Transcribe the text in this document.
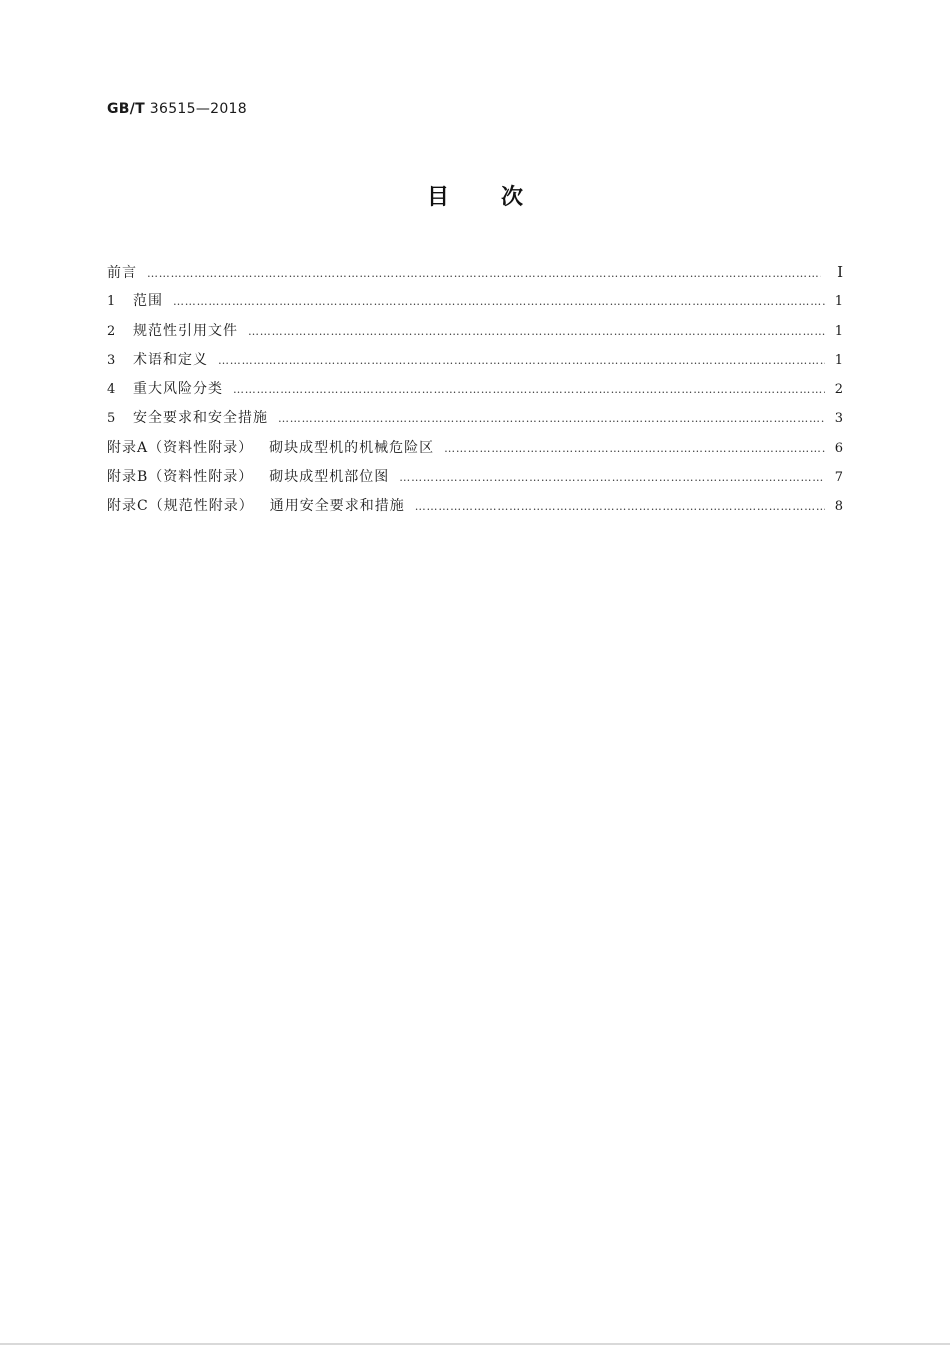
GB/T 36515—2018
目次
前言 …………………………………………………………………………………………………………………………………………………………………………………………	Ⅰ
1	范围 …………………………………………………………………………………………………………………………………………………………………………………………	1
2	规范性引用文件 …………………………………………………………………………………………………………………………………………………………………………………………	1
3	术语和定义 …………………………………………………………………………………………………………………………………………………………………………………………	1
4	重大风险分类 …………………………………………………………………………………………………………………………………………………………………………………………	2
5	安全要求和安全措施 …………………………………………………………………………………………………………………………………………………………………………………………	3
附录A（资料性附录） 砌块成型机的机械危险区 …………………………………………………………………………………………………………………………………………………………………………………………	6
附录B（资料性附录） 砌块成型机部位图 …………………………………………………………………………………………………………………………………………………………………………………………	7
附录C（规范性附录） 通用安全要求和措施 …………………………………………………………………………………………………………………………………………………………………………………………	8
